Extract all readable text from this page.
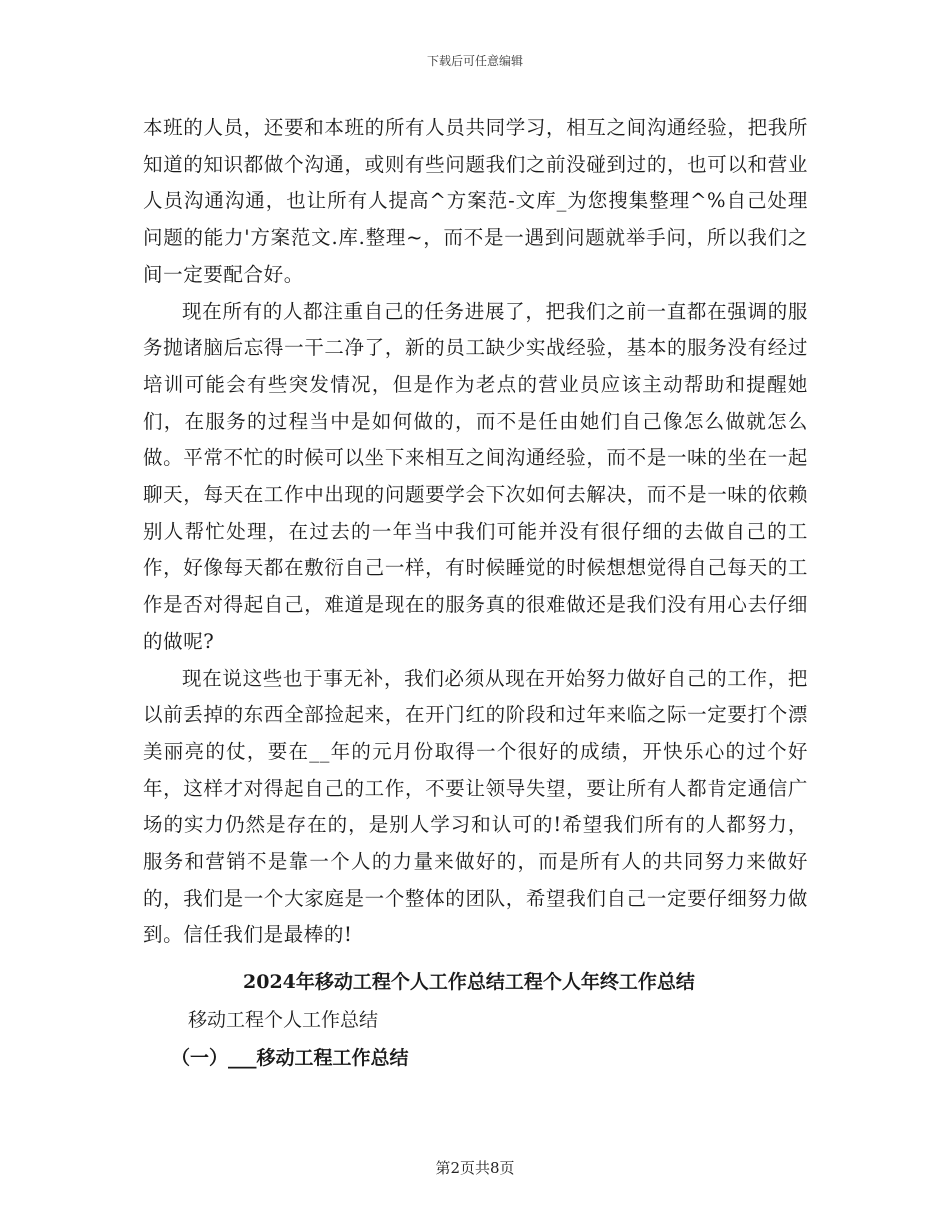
下载后可任意编辑

本班的人员，还要和本班的所有人员共同学习，相互之间沟通经验，把我所知道的知识都做个沟通，或则有些问题我们之前没碰到过的，也可以和营业人员沟通沟通，也让所有人提高^方案范-文库_为您搜集整理^%自己处理问题的能力'方案范文.库.整理~，而不是一遇到问题就举手问，所以我们之间一定要配合好。

现在所有的人都注重自己的任务进展了，把我们之前一直都在强调的服务抛诸脑后忘得一干二净了，新的员工缺少实战经验，基本的服务没有经过培训可能会有些突发情况，但是作为老点的营业员应该主动帮助和提醒她们，在服务的过程当中是如何做的，而不是任由她们自己像怎么做就怎么做。平常不忙的时候可以坐下来相互之间沟通经验，而不是一味的坐在一起聊天，每天在工作中出现的问题要学会下次如何去解决，而不是一味的依赖别人帮忙处理，在过去的一年当中我们可能并没有很仔细的去做自己的工作，好像每天都在敷衍自己一样，有时候睡觉的时候想想觉得自己每天的工作是否对得起自己，难道是现在的服务真的很难做还是我们没有用心去仔细的做呢?

现在说这些也于事无补，我们必须从现在开始努力做好自己的工作，把以前丢掉的东西全部捡起来，在开门红的阶段和过年来临之际一定要打个漂美丽亮的仗，要在__年的元月份取得一个很好的成绩，开快乐心的过个好年，这样才对得起自己的工作，不要让领导失望，要让所有人都肯定通信广场的实力仍然是存在的，是别人学习和认可的!希望我们所有的人都努力，服务和营销不是靠一个人的力量来做好的，而是所有人的共同努力来做好的，我们是一个大家庭是一个整体的团队，希望我们自己一定要仔细努力做到。信任我们是最棒的!

2024年移动工程个人工作总结工程个人年终工作总结

移动工程个人工作总结

（一）___移动工程工作总结

第2页共8页
